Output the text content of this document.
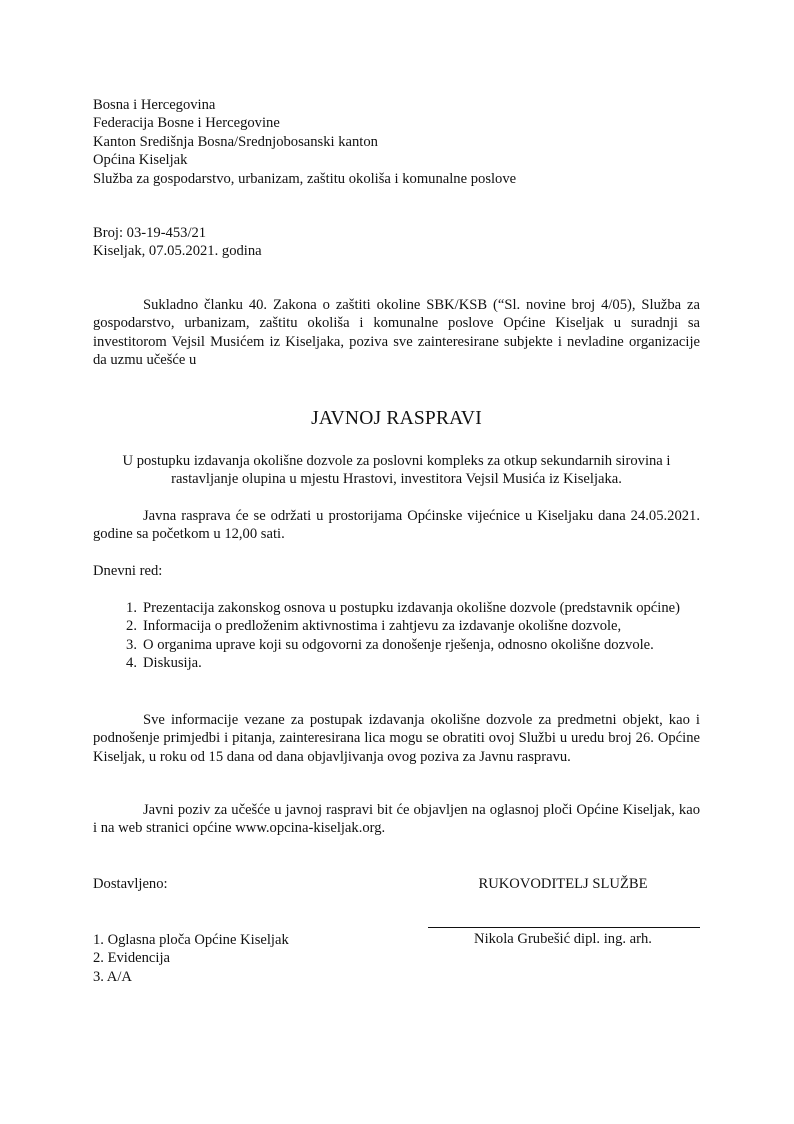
Bosna i Hercegovina
Federacija Bosne i Hercegovine
Kanton Središnja Bosna/Srednjobosanski kanton
Općina Kiseljak
Služba za gospodarstvo, urbanizam, zaštitu okoliša i komunalne poslove
Broj: 03-19-453/21
Kiseljak, 07.05.2021. godina
Sukladno članku 40. Zakona o zaštiti okoline SBK/KSB (“Sl. novine broj 4/05), Služba za gospodarstvo, urbanizam, zaštitu okoliša i komunalne poslove Općine Kiseljak u suradnji sa investitorom Vejsil Musićem iz Kiseljaka, poziva sve zainteresirane subjekte i nevladine organizacije da uzmu učešće u
JAVNOJ RASPRAVI
U postupku izdavanja okolišne dozvole za poslovni kompleks za otkup sekundarnih sirovina i rastavljanje olupina u mjestu Hrastovi, investitora Vejsil Musića iz Kiseljaka.
Javna rasprava će se održati u prostorijama Općinske vijećnice u Kiseljaku dana 24.05.2021. godine sa početkom u 12,00 sati.
Dnevni red:
1. Prezentacija zakonskog osnova u postupku izdavanja okolišne dozvole (predstavnik općine)
2. Informacija o predloženim aktivnostima i zahtjevu za izdavanje okolišne dozvole,
3. O organima uprave koji su odgovorni za donošenje rješenja, odnosno okolišne dozvole.
4. Diskusija.
Sve informacije vezane za postupak izdavanja okolišne dozvole za predmetni objekt, kao i podnošenje primjedbi i pitanja, zainteresirana lica mogu se obratiti ovoj Službi u uredu broj 26. Općine Kiseljak, u roku od 15 dana od dana objavljivanja ovog poziva za Javnu raspravu.
Javni poziv za učešće u javnoj raspravi bit će objavljen na oglasnoj ploči Općine Kiseljak, kao i na web stranici općine www.opcina-kiseljak.org.
Dostavljeno:	RUKOVODITELJ SLUŽBE
Nikola Grubešić dipl. ing. arh.
1. Oglasna ploča Općine Kiseljak
2. Evidencija
3. A/A
